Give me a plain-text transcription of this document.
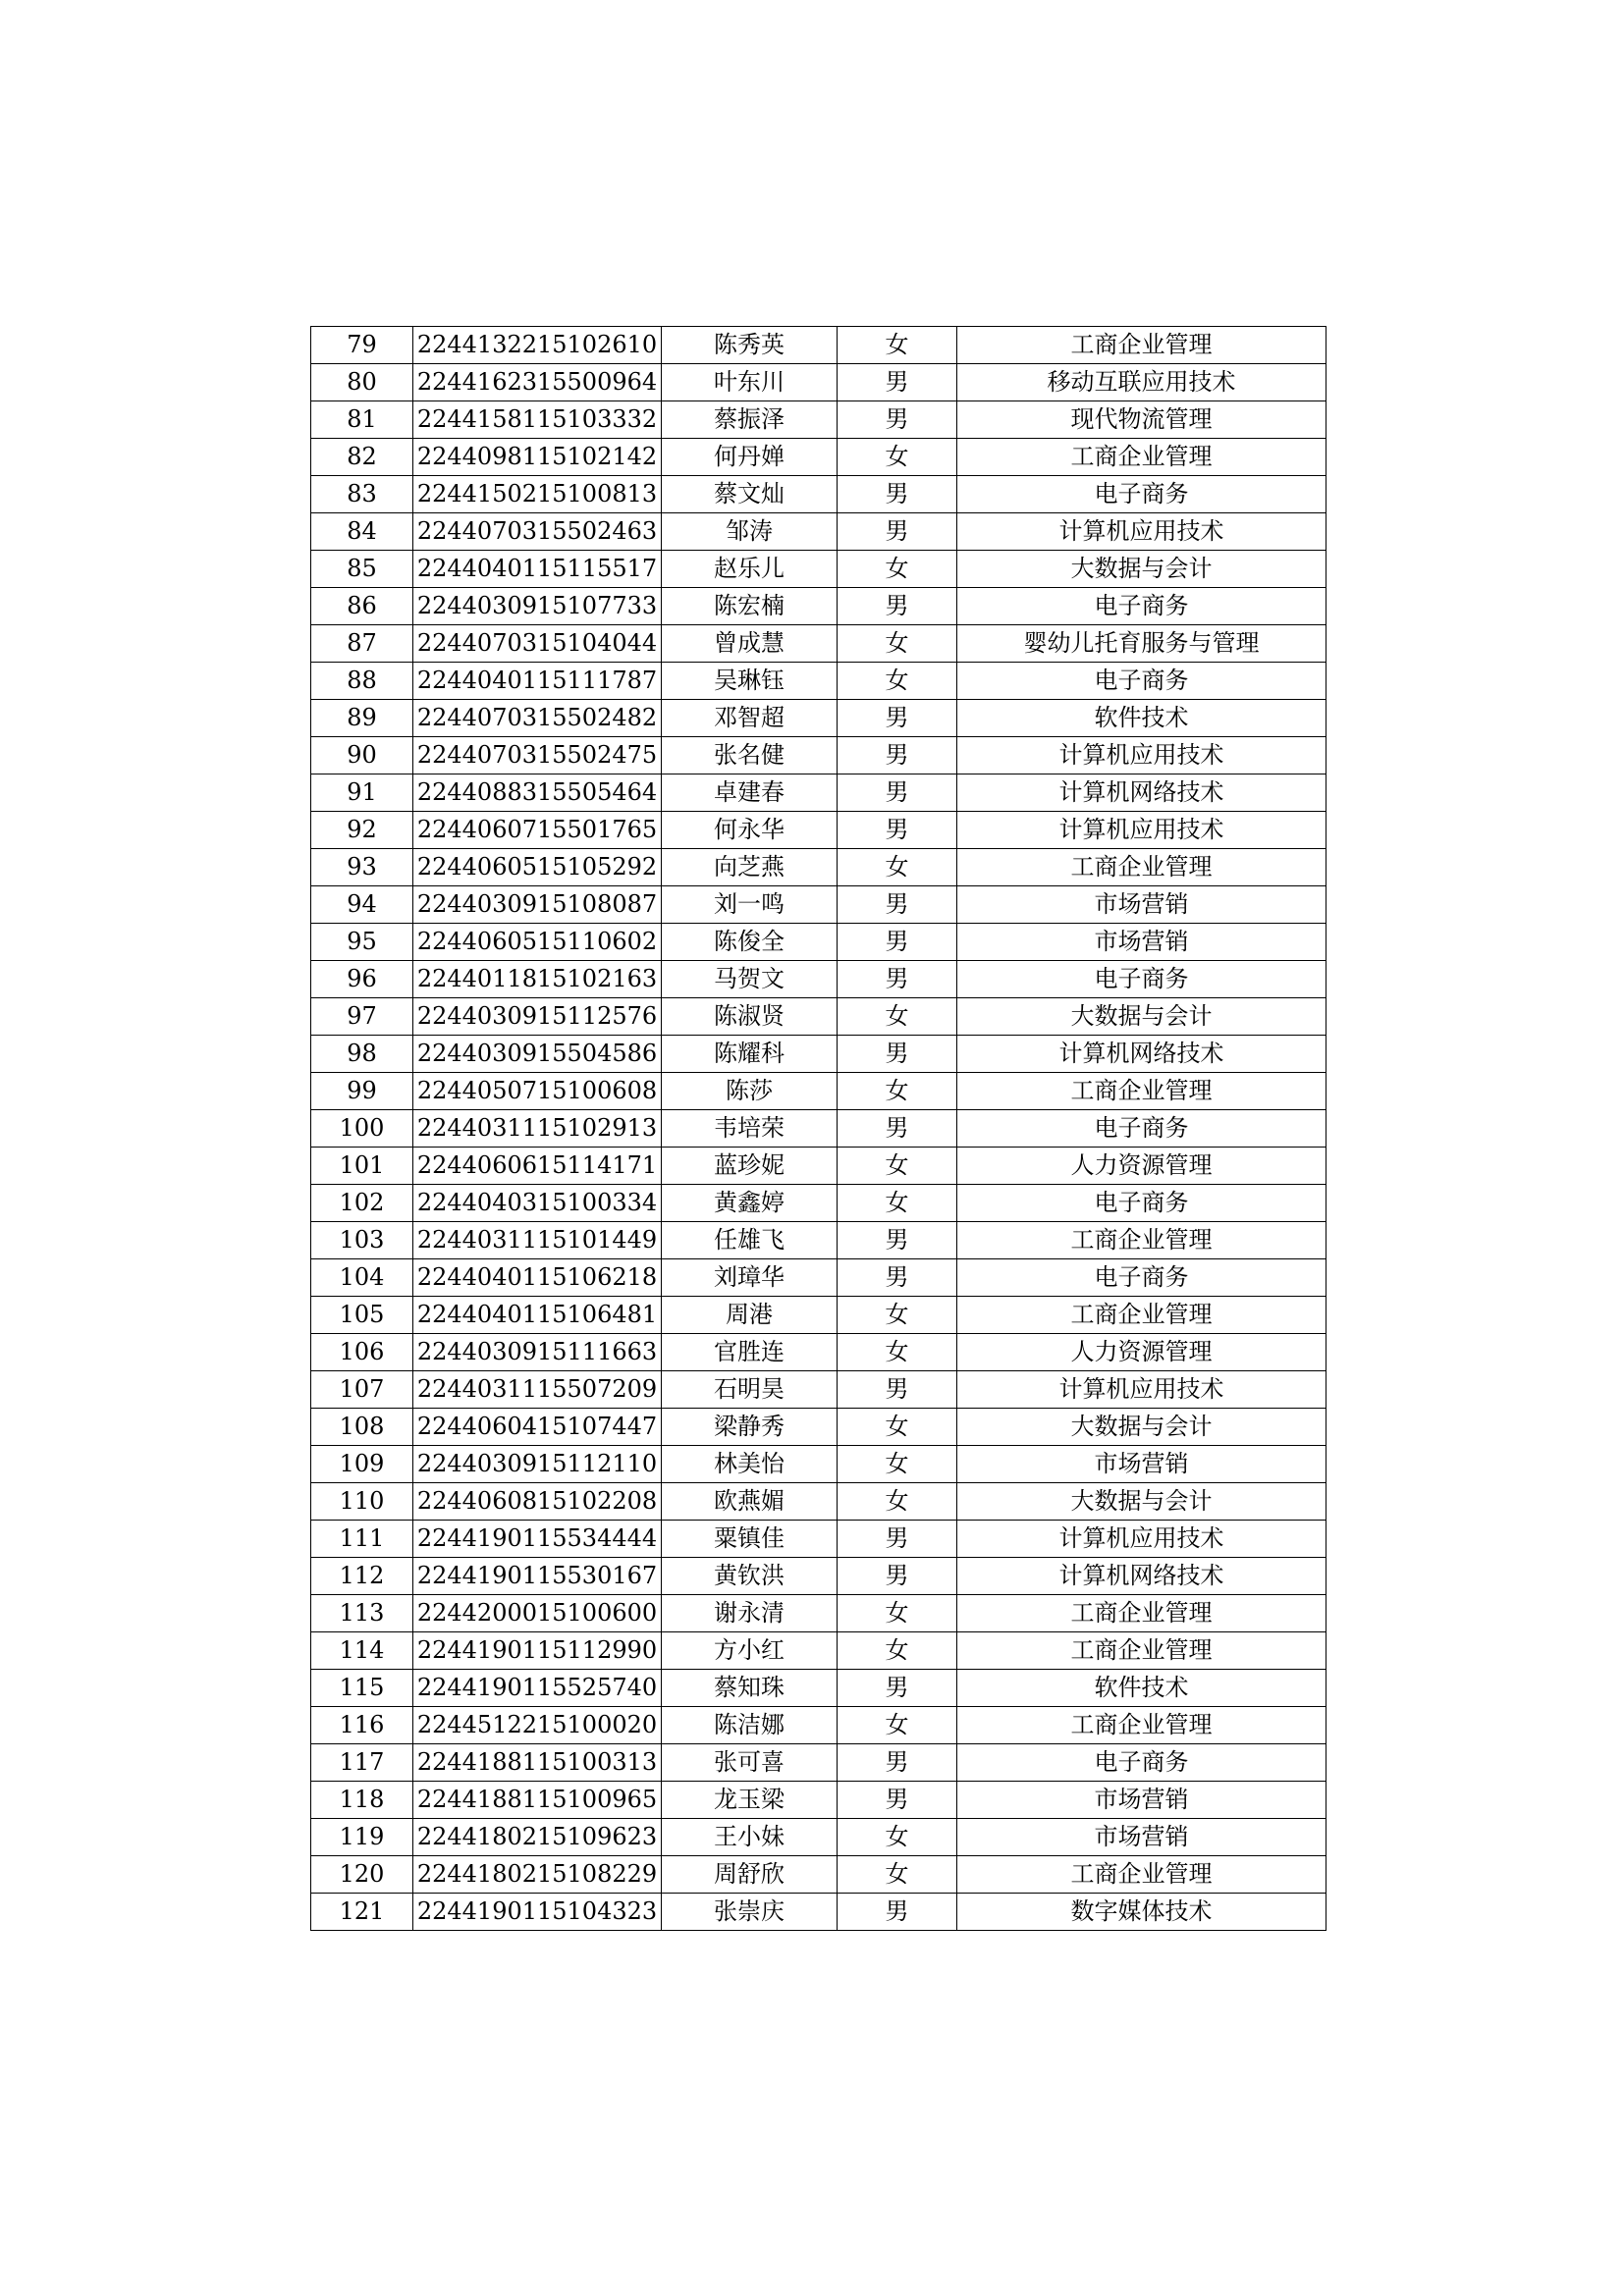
79	2244132215102610	陈秀英	女	工商企业管理
80	2244162315500964	叶东川	男	移动互联应用技术
81	2244158115103332	蔡振泽	男	现代物流管理
82	2244098115102142	何丹婵	女	工商企业管理
83	2244150215100813	蔡文灿	男	电子商务
84	2244070315502463	邹涛	男	计算机应用技术
85	2244040115115517	赵乐儿	女	大数据与会计
86	2244030915107733	陈宏楠	男	电子商务
87	2244070315104044	曾成慧	女	婴幼儿托育服务与管理
88	2244040115111787	吴琳钰	女	电子商务
89	2244070315502482	邓智超	男	软件技术
90	2244070315502475	张名健	男	计算机应用技术
91	2244088315505464	卓建春	男	计算机网络技术
92	2244060715501765	何永华	男	计算机应用技术
93	2244060515105292	向芝燕	女	工商企业管理
94	2244030915108087	刘一鸣	男	市场营销
95	2244060515110602	陈俊全	男	市场营销
96	2244011815102163	马贺文	男	电子商务
97	2244030915112576	陈淑贤	女	大数据与会计
98	2244030915504586	陈耀科	男	计算机网络技术
99	2244050715100608	陈莎	女	工商企业管理
100	2244031115102913	韦培荣	男	电子商务
101	2244060615114171	蓝珍妮	女	人力资源管理
102	2244040315100334	黄鑫婷	女	电子商务
103	2244031115101449	任雄飞	男	工商企业管理
104	2244040115106218	刘璋华	男	电子商务
105	2244040115106481	周港	女	工商企业管理
106	2244030915111663	官胜连	女	人力资源管理
107	2244031115507209	石明昊	男	计算机应用技术
108	2244060415107447	梁静秀	女	大数据与会计
109	2244030915112110	林美怡	女	市场营销
110	2244060815102208	欧燕媚	女	大数据与会计
111	2244190115534444	粟镇佳	男	计算机应用技术
112	2244190115530167	黄钦洪	男	计算机网络技术
113	2244200015100600	谢永清	女	工商企业管理
114	2244190115112990	方小红	女	工商企业管理
115	2244190115525740	蔡知珠	男	软件技术
116	2244512215100020	陈洁娜	女	工商企业管理
117	2244188115100313	张可喜	男	电子商务
118	2244188115100965	龙玉梁	男	市场营销
119	2244180215109623	王小妹	女	市场营销
120	2244180215108229	周舒欣	女	工商企业管理
121	2244190115104323	张崇庆	男	数字媒体技术
